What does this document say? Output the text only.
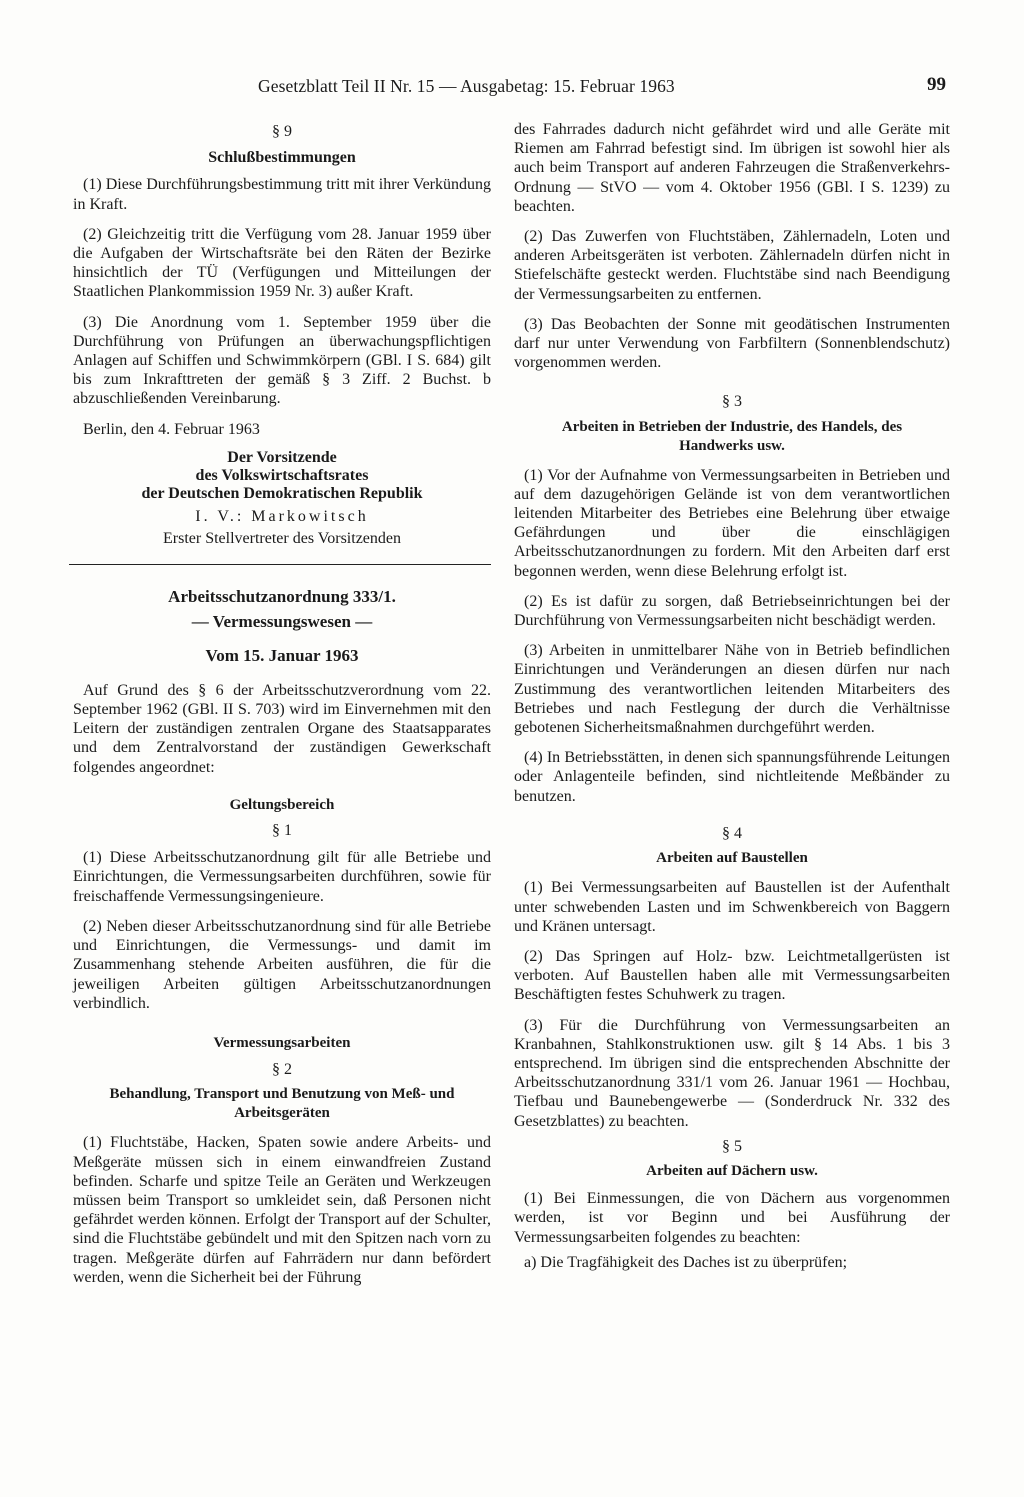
Gesetzblatt Teil II Nr. 15 — Ausgabetag: 15. Februar 1963	99

§ 9

Schlußbestimmungen

(1) Diese Durchführungsbestimmung tritt mit ihrer Verkündung in Kraft.

(2) Gleichzeitig tritt die Verfügung vom 28. Januar 1959 über die Aufgaben der Wirtschaftsräte bei den Räten der Bezirke hinsichtlich der TÜ (Verfügungen und Mitteilungen der Staatlichen Plankommission 1959 Nr. 3) außer Kraft.

(3) Die Anordnung vom 1. September 1959 über die Durchführung von Prüfungen an überwachungspflichtigen Anlagen auf Schiffen und Schwimmkörpern (GBl. I S. 684) gilt bis zum Inkrafttreten der gemäß § 3 Ziff. 2 Buchst. b abzuschließenden Vereinbarung.

Berlin, den 4. Februar 1963

Der Vorsitzende

des Volkswirtschaftsrates

der Deutschen Demokratischen Republik

I. V.: Markowitsch

Erster Stellvertreter des Vorsitzenden

Arbeitsschutzanordnung 333/1.

— Vermessungswesen —

Vom 15. Januar 1963

Auf Grund des § 6 der Arbeitsschutzverordnung vom 22. September 1962 (GBl. II S. 703) wird im Einvernehmen mit den Leitern der zuständigen zentralen Organe des Staatsapparates und dem Zentralvorstand der zuständigen Gewerkschaft folgendes angeordnet:

Geltungsbereich

§ 1

(1) Diese Arbeitsschutzanordnung gilt für alle Betriebe und Einrichtungen, die Vermessungsarbeiten durchführen, sowie für freischaffende Vermessungsingenieure.

(2) Neben dieser Arbeitsschutzanordnung sind für alle Betriebe und Einrichtungen, die Vermessungs- und damit im Zusammenhang stehende Arbeiten ausführen, die für die jeweiligen Arbeiten gültigen Arbeitsschutzanordnungen verbindlich.

Vermessungsarbeiten

§ 2

Behandlung, Transport und Benutzung von Meß- und Arbeitsgeräten

(1) Fluchtstäbe, Hacken, Spaten sowie andere Arbeits- und Meßgeräte müssen sich in einem einwandfreien Zustand befinden. Scharfe und spitze Teile an Geräten und Werkzeugen müssen beim Transport so umkleidet sein, daß Personen nicht gefährdet werden können. Erfolgt der Transport auf der Schulter, sind die Fluchtstäbe gebündelt und mit den Spitzen nach vorn zu tragen. Meßgeräte dürfen auf Fahrrädern nur dann befördert werden, wenn die Sicherheit bei der Führung

des Fahrrades dadurch nicht gefährdet wird und alle Geräte mit Riemen am Fahrrad befestigt sind. Im übrigen ist sowohl hier als auch beim Transport auf anderen Fahrzeugen die Straßenverkehrs-Ordnung — StVO — vom 4. Oktober 1956 (GBl. I S. 1239) zu beachten.

(2) Das Zuwerfen von Fluchtstäben, Zählernadeln, Loten und anderen Arbeitsgeräten ist verboten. Zählernadeln dürfen nicht in Stiefelschäfte gesteckt werden. Fluchtstäbe sind nach Beendigung der Vermessungsarbeiten zu entfernen.

(3) Das Beobachten der Sonne mit geodätischen Instrumenten darf nur unter Verwendung von Farbfiltern (Sonnenblendschutz) vorgenommen werden.

§ 3

Arbeiten in Betrieben der Industrie, des Handels, des Handwerks usw.

(1) Vor der Aufnahme von Vermessungsarbeiten in Betrieben und auf dem dazugehörigen Gelände ist von dem verantwortlichen leitenden Mitarbeiter des Betriebes eine Belehrung über etwaige Gefährdungen und über die einschlägigen Arbeitsschutzanordnungen zu fordern. Mit den Arbeiten darf erst begonnen werden, wenn diese Belehrung erfolgt ist.

(2) Es ist dafür zu sorgen, daß Betriebseinrichtungen bei der Durchführung von Vermessungsarbeiten nicht beschädigt werden.

(3) Arbeiten in unmittelbarer Nähe von in Betrieb befindlichen Einrichtungen und Veränderungen an diesen dürfen nur nach Zustimmung des verantwortlichen leitenden Mitarbeiters des Betriebes und nach Festlegung der durch die Verhältnisse gebotenen Sicherheitsmaßnahmen durchgeführt werden.

(4) In Betriebsstätten, in denen sich spannungsführende Leitungen oder Anlagenteile befinden, sind nichtleitende Meßbänder zu benutzen.

§ 4

Arbeiten auf Baustellen

(1) Bei Vermessungsarbeiten auf Baustellen ist der Aufenthalt unter schwebenden Lasten und im Schwenkbereich von Baggern und Kränen untersagt.

(2) Das Springen auf Holz- bzw. Leichtmetallgerüsten ist verboten. Auf Baustellen haben alle mit Vermessungsarbeiten Beschäftigten festes Schuhwerk zu tragen.

(3) Für die Durchführung von Vermessungsarbeiten an Kranbahnen, Stahlkonstruktionen usw. gilt § 14 Abs. 1 bis 3 entsprechend. Im übrigen sind die entsprechenden Abschnitte der Arbeitsschutzanordnung 331/1 vom 26. Januar 1961 — Hochbau, Tiefbau und Baunebengewerbe — (Sonderdruck Nr. 332 des Gesetzblattes) zu beachten.

§ 5

Arbeiten auf Dächern usw.

(1) Bei Einmessungen, die von Dächern aus vorgenommen werden, ist vor Beginn und bei Ausführung der Vermessungsarbeiten folgendes zu beachten:

a) Die Tragfähigkeit des Daches ist zu überprüfen;
